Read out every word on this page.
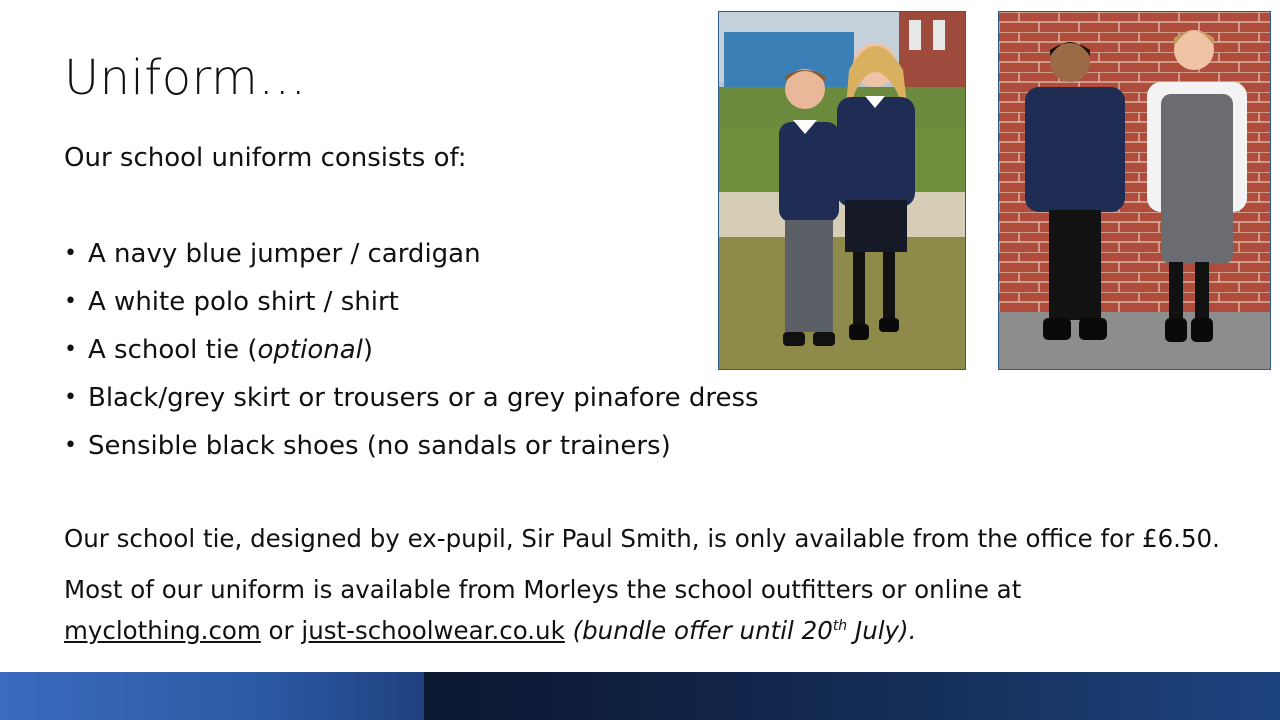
Uniform…

Our school uniform consists of:

• A navy blue jumper / cardigan
• A white polo shirt / shirt
• A school tie (optional)
• Black/grey skirt or trousers or a grey pinafore dress
• Sensible black shoes (no sandals or trainers)

Our school tie, designed by ex-pupil, Sir Paul Smith, is only available from the office for £6.50.

Most of our uniform is available from Morleys the school outfitters or online at
myclothing.com or just-schoolwear.co.uk (bundle offer until 20th July).
